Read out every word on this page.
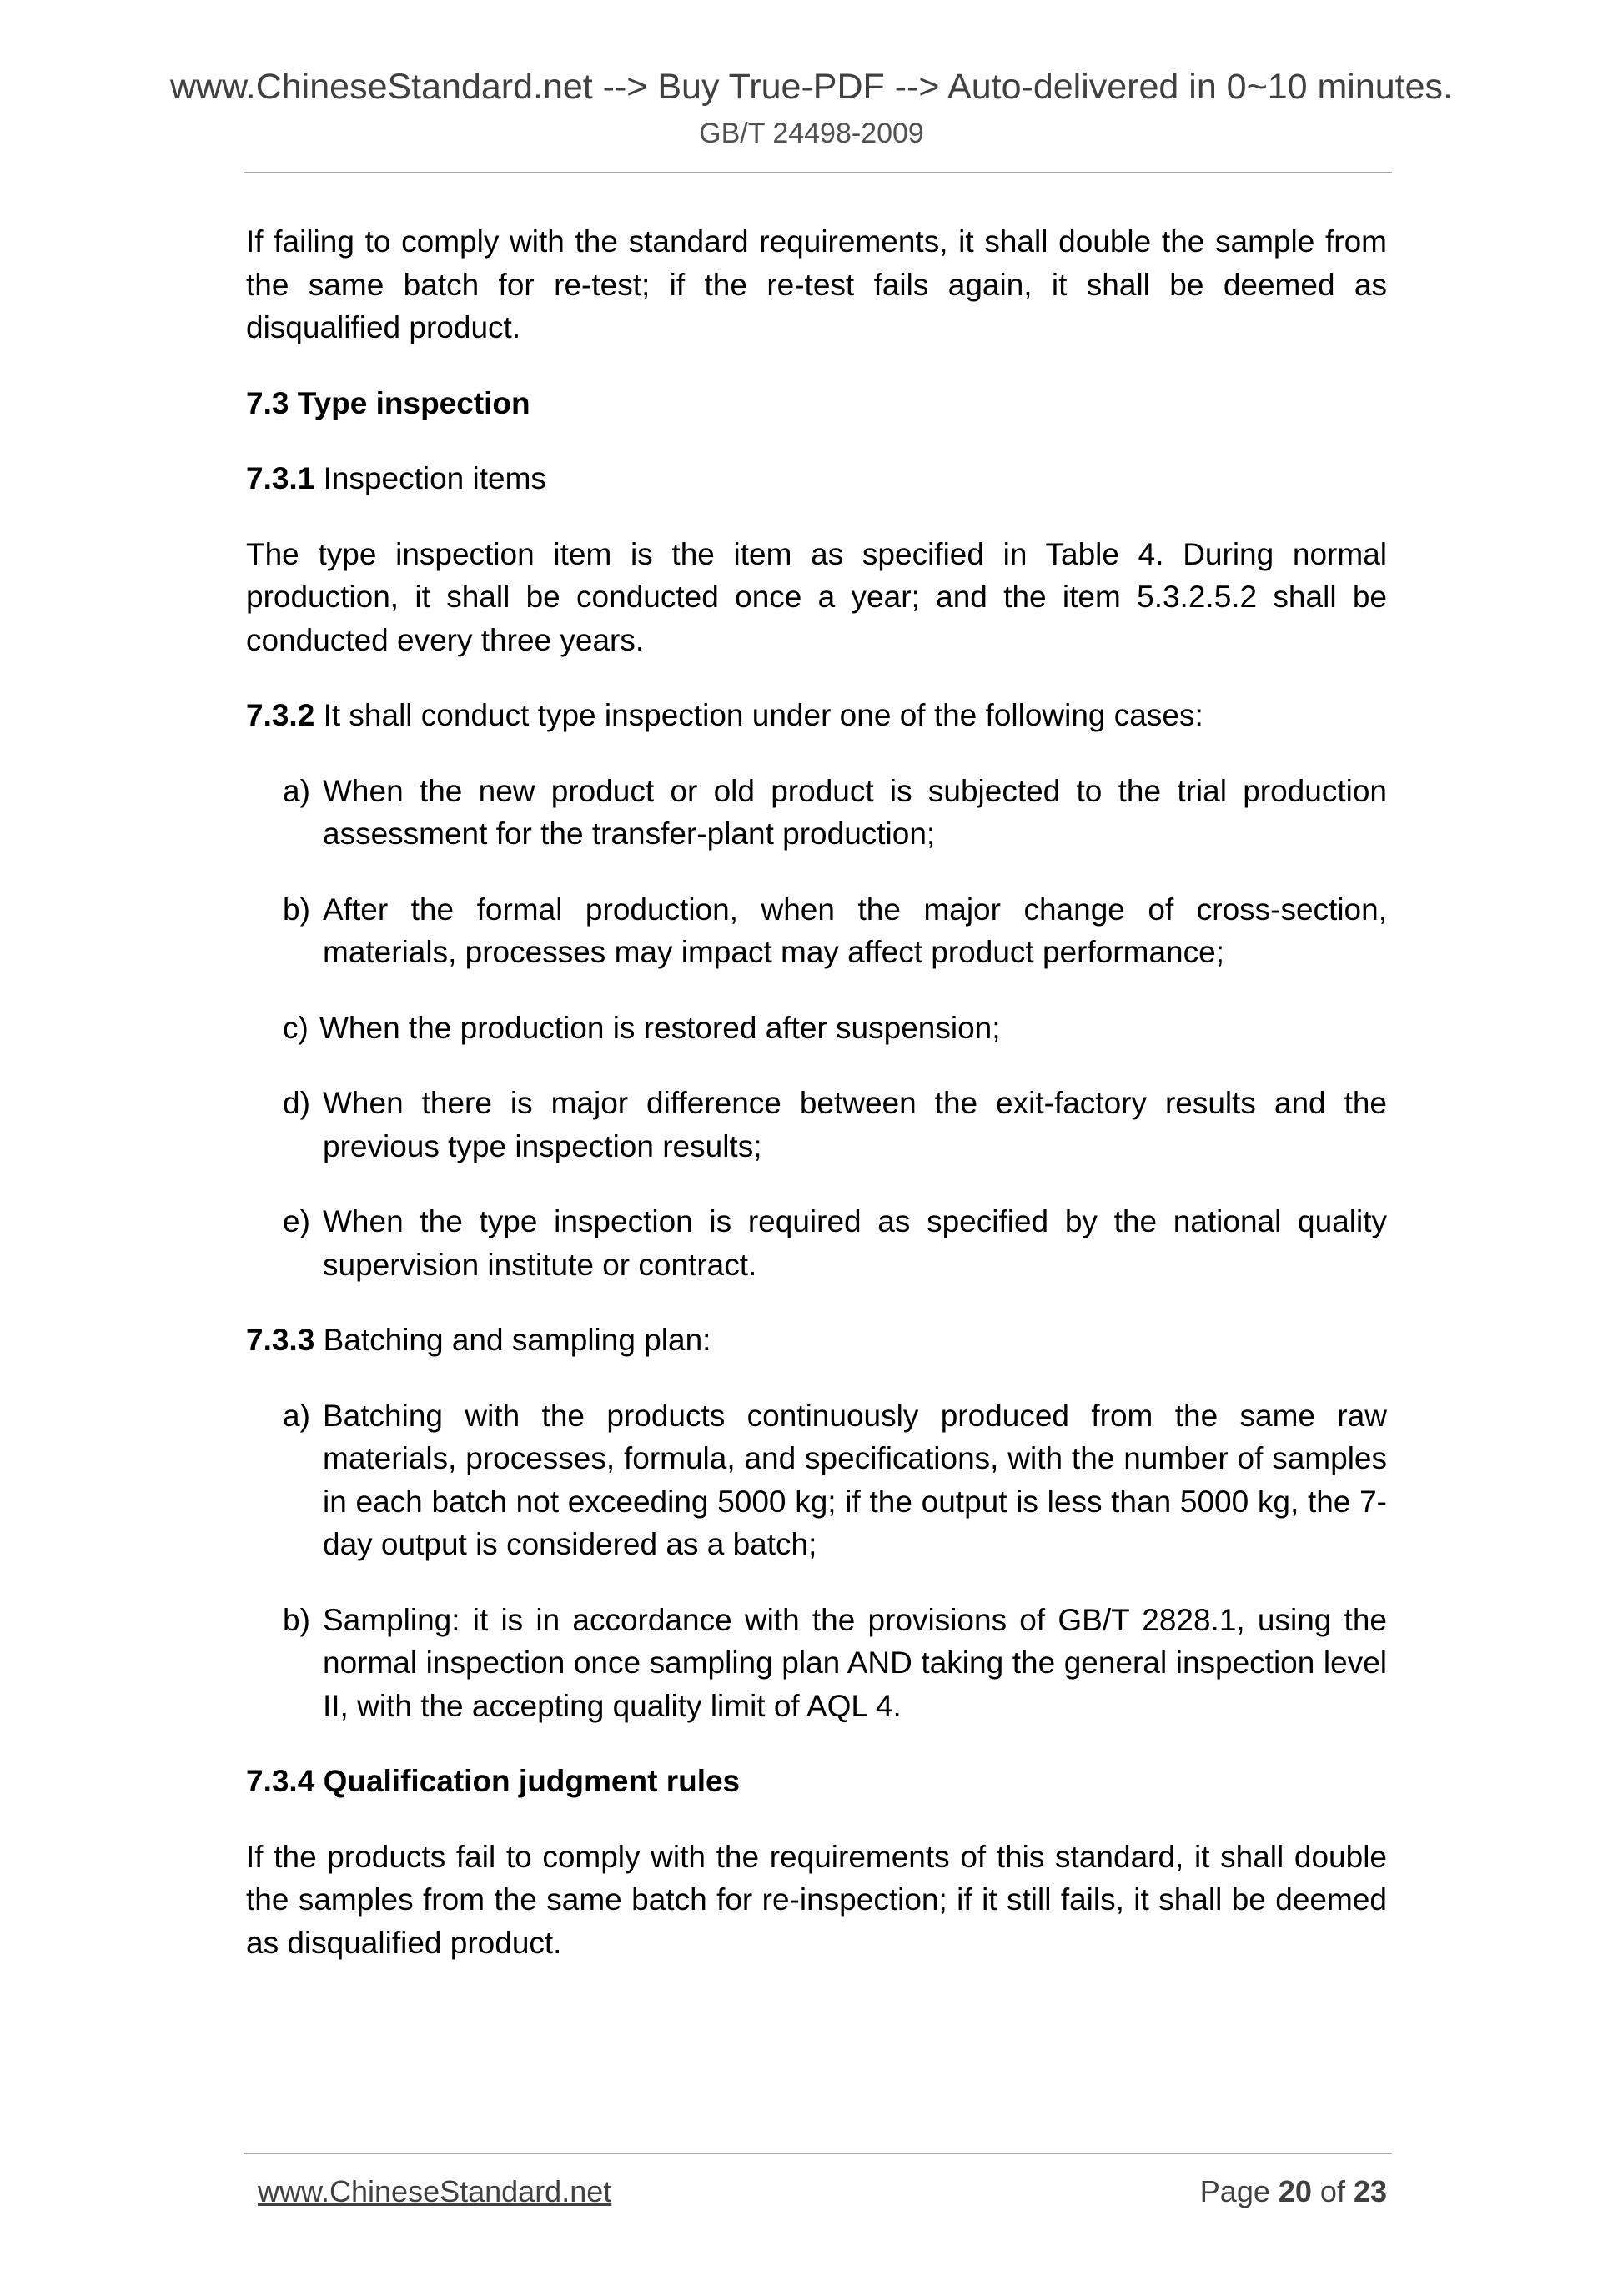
www.ChineseStandard.net --> Buy True-PDF --> Auto-delivered in 0~10 minutes.
GB/T 24498-2009

If failing to comply with the standard requirements, it shall double the sample from the same batch for re-test; if the re-test fails again, it shall be deemed as disqualified product.

7.3 Type inspection

7.3.1 Inspection items

The type inspection item is the item as specified in Table 4. During normal production, it shall be conducted once a year; and the item 5.3.2.5.2 shall be conducted every three years.

7.3.2 It shall conduct type inspection under one of the following cases:

a) When the new product or old product is subjected to the trial production assessment for the transfer-plant production;
b) After the formal production, when the major change of cross-section, materials, processes may impact may affect product performance;
c) When the production is restored after suspension;
d) When there is major difference between the exit-factory results and the previous type inspection results;
e) When the type inspection is required as specified by the national quality supervision institute or contract.

7.3.3 Batching and sampling plan:

a) Batching with the products continuously produced from the same raw materials, processes, formula, and specifications, with the number of samples in each batch not exceeding 5000 kg; if the output is less than 5000 kg, the 7-day output is considered as a batch;
b) Sampling: it is in accordance with the provisions of GB/T 2828.1, using the normal inspection once sampling plan AND taking the general inspection level II, with the accepting quality limit of AQL 4.

7.3.4 Qualification judgment rules

If the products fail to comply with the requirements of this standard, it shall double the samples from the same batch for re-inspection; if it still fails, it shall be deemed as disqualified product.

www.ChineseStandard.net	Page 20 of 23
